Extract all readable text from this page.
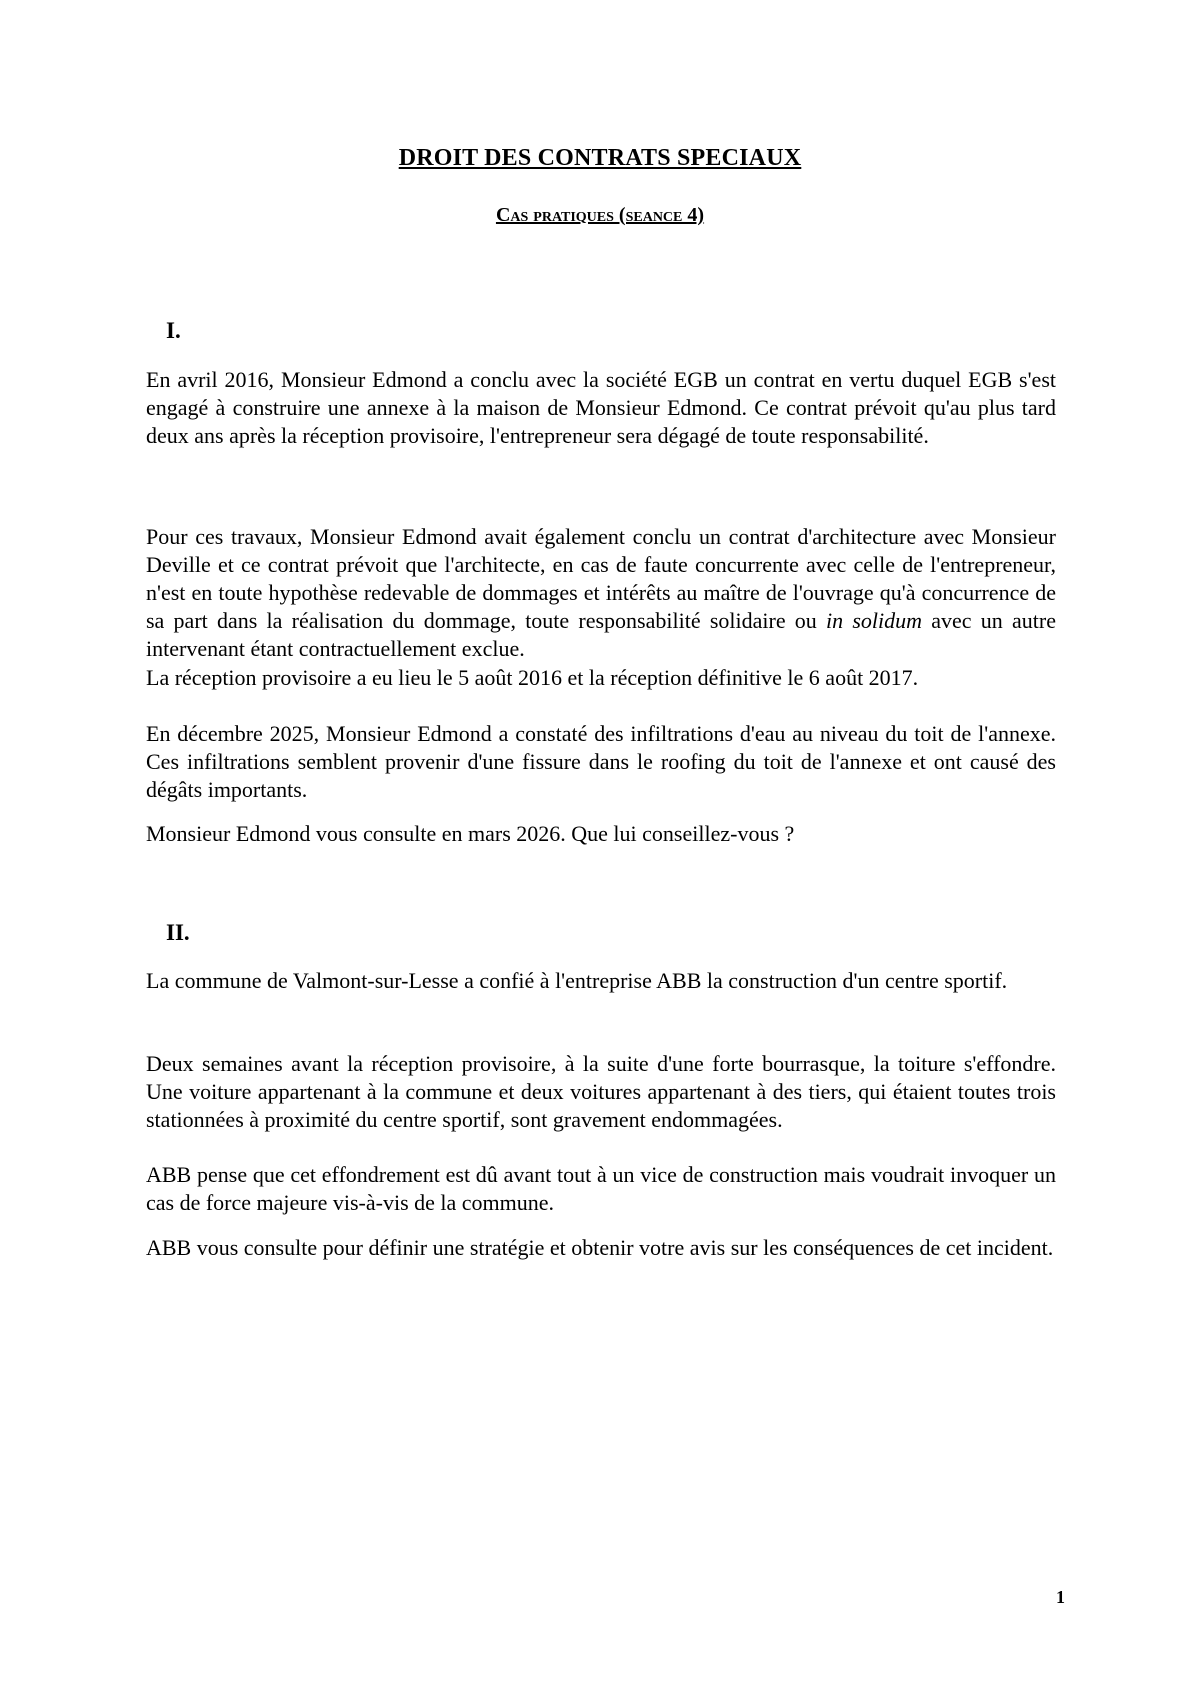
DROIT DES CONTRATS SPECIAUX
Cas pratiques (seance 4)
I.

En avril 2016, Monsieur Edmond a conclu avec la société EGB un contrat en vertu duquel EGB s'est engagé à construire une annexe à la maison de Monsieur Edmond. Ce contrat prévoit qu'au plus tard deux ans après la réception provisoire, l'entrepreneur sera dégagé de toute responsabilité.

Pour ces travaux, Monsieur Edmond avait également conclu un contrat d'architecture avec Monsieur Deville et ce contrat prévoit que l'architecte, en cas de faute concurrente avec celle de l'entrepreneur, n'est en toute hypothèse redevable de dommages et intérêts au maître de l'ouvrage qu'à concurrence de sa part dans la réalisation du dommage, toute responsabilité solidaire ou in solidum avec un autre intervenant étant contractuellement exclue.

La réception provisoire a eu lieu le 5 août 2016 et la réception définitive le 6 août 2017.

En décembre 2025, Monsieur Edmond a constaté des infiltrations d'eau au niveau du toit de l'annexe. Ces infiltrations semblent provenir d'une fissure dans le roofing du toit de l'annexe et ont causé des dégâts importants.

Monsieur Edmond vous consulte en mars 2026. Que lui conseillez-vous ?

II.

La commune de Valmont-sur-Lesse a confié à l'entreprise ABB la construction d'un centre sportif.

Deux semaines avant la réception provisoire, à la suite d'une forte bourrasque, la toiture s'effondre. Une voiture appartenant à la commune et deux voitures appartenant à des tiers, qui étaient toutes trois stationnées à proximité du centre sportif, sont gravement endommagées.

ABB pense que cet effondrement est dû avant tout à un vice de construction mais voudrait invoquer un cas de force majeure vis-à-vis de la commune.

ABB vous consulte pour définir une stratégie et obtenir votre avis sur les conséquences de cet incident.

1
